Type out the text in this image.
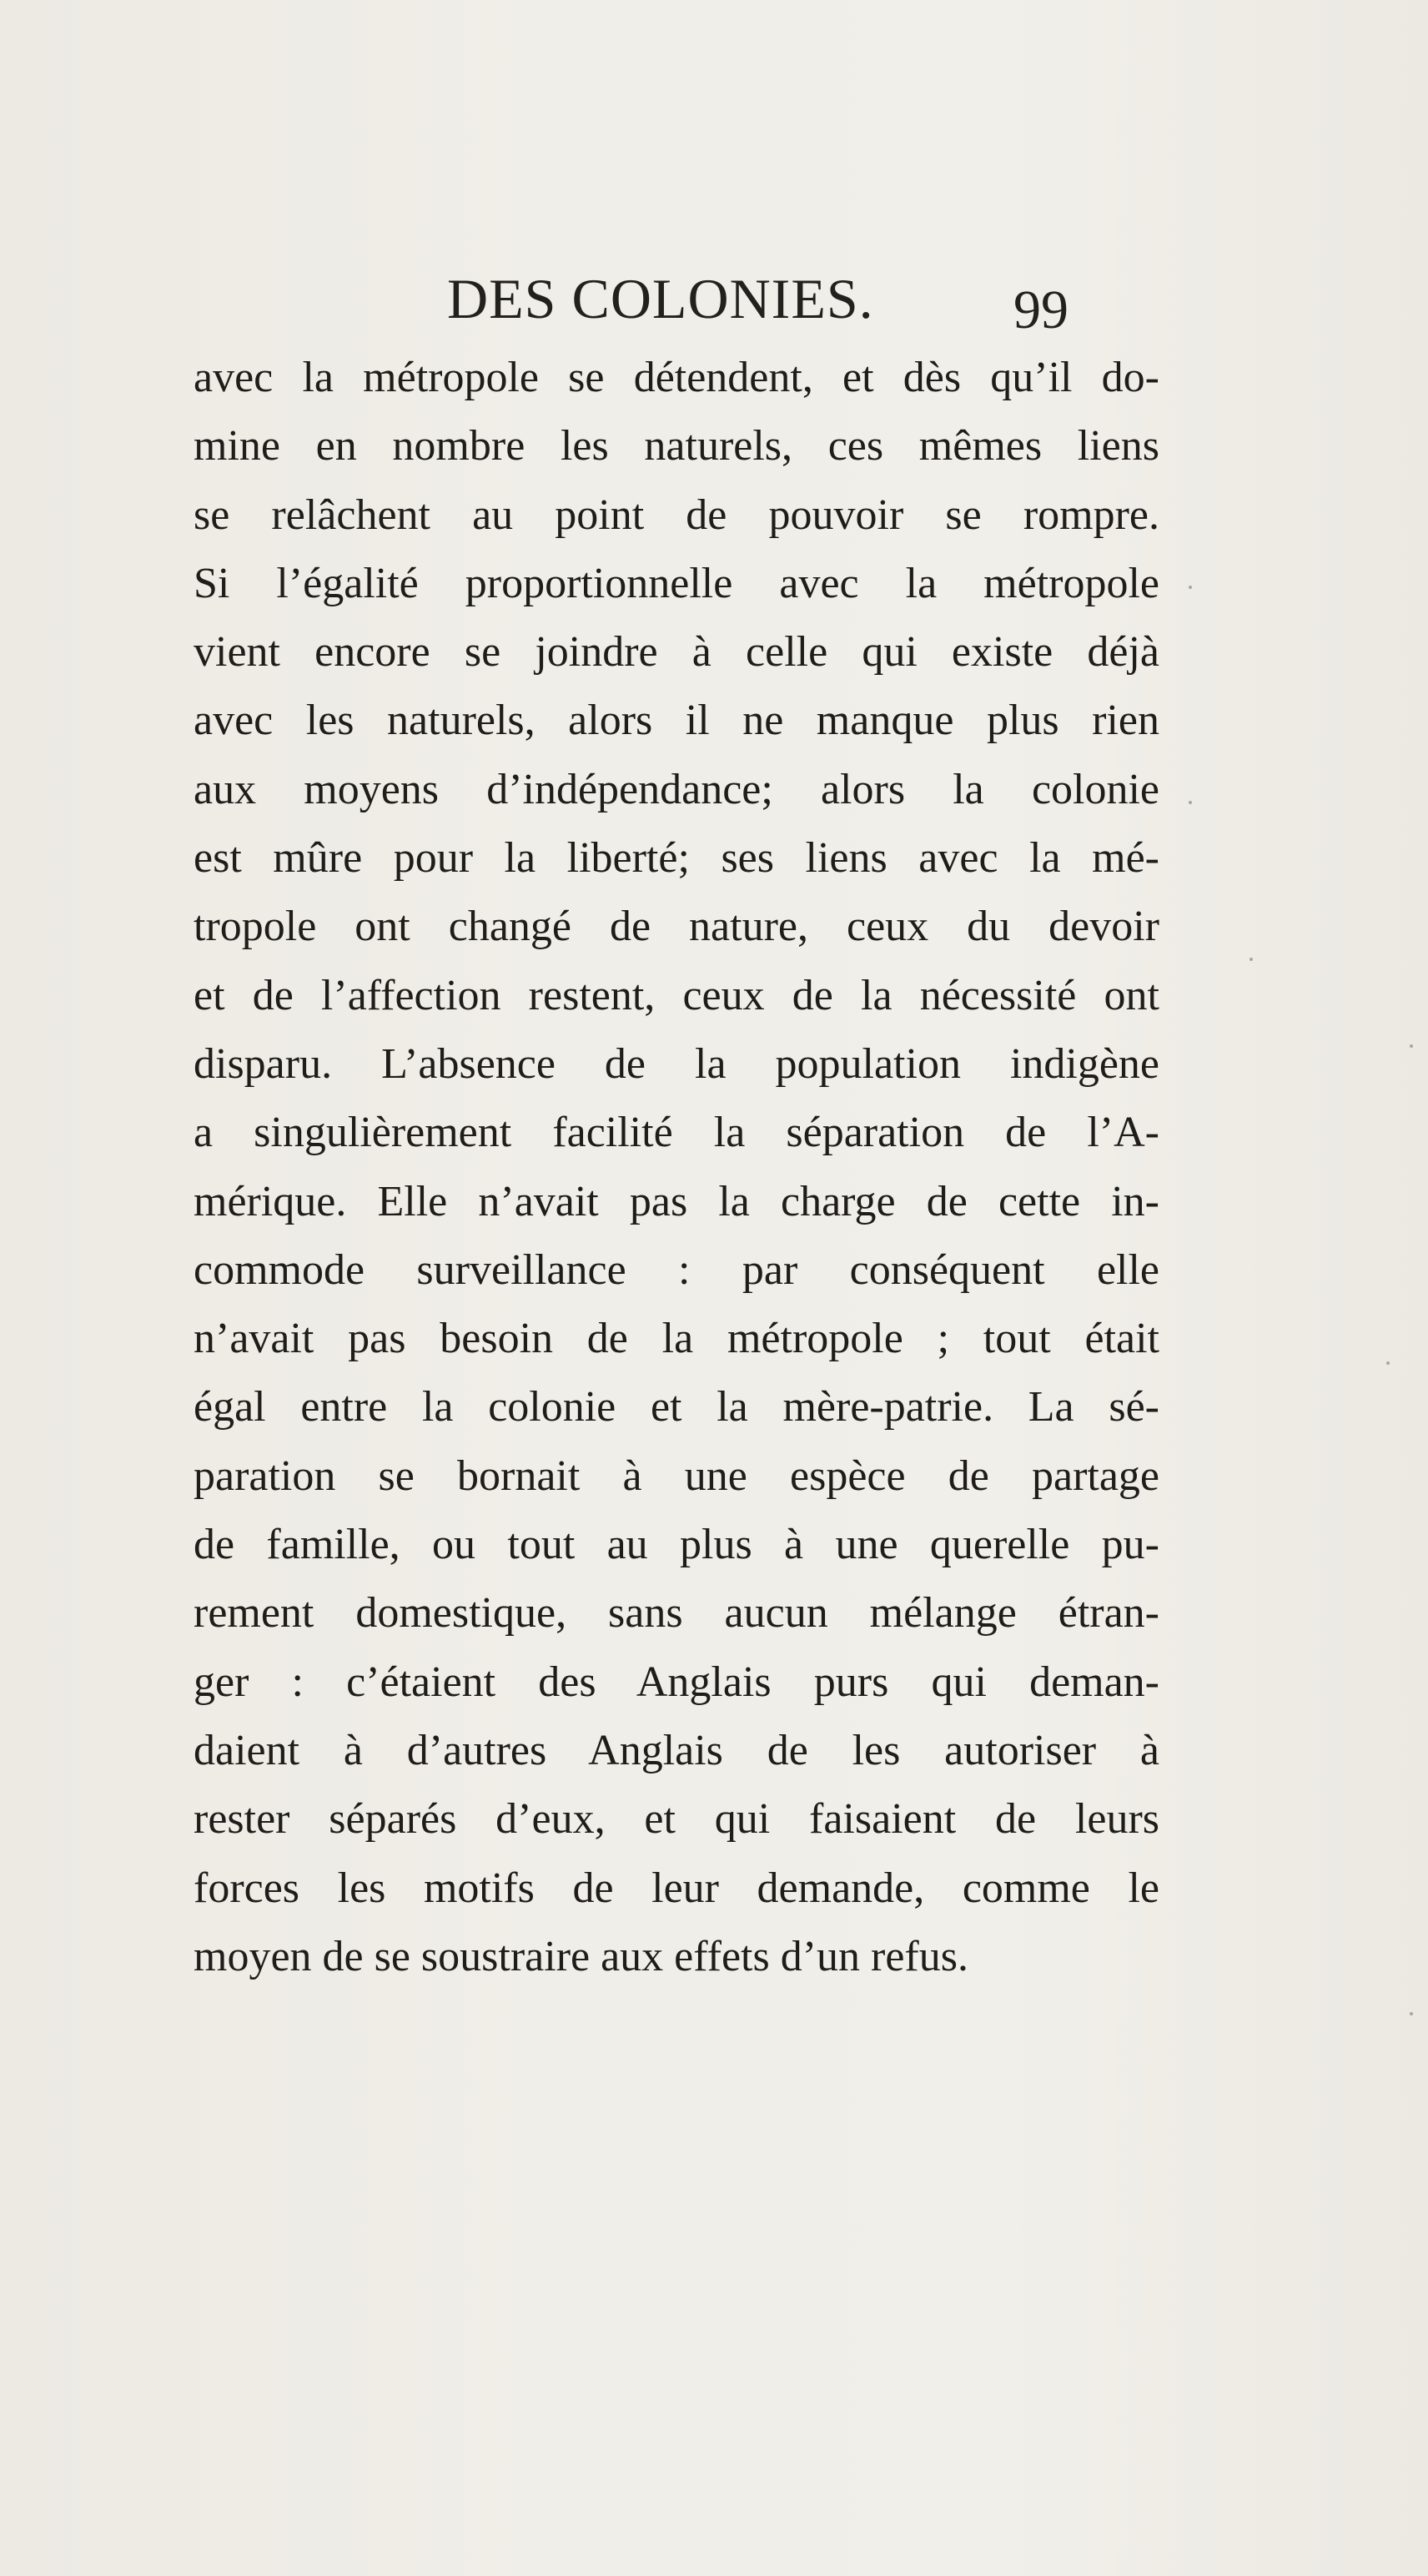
DES COLONIES.	99
avec la métropole se détendent, et dès qu’il do-
mine en nombre les naturels, ces mêmes liens
se relâchent au point de pouvoir se rompre.
Si l’égalité proportionnelle avec la métropole
vient encore se joindre à celle qui existe déjà
avec les naturels, alors il ne manque plus rien
aux moyens d’indépendance; alors la colonie
est mûre pour la liberté; ses liens avec la mé-
tropole ont changé de nature, ceux du devoir
et de l’affection restent, ceux de la nécessité ont
disparu. L’absence de la population indigène
a singulièrement facilité la séparation de l’A-
mérique. Elle n’avait pas la charge de cette in-
commode surveillance : par conséquent elle
n’avait pas besoin de la métropole ; tout était
égal entre la colonie et la mère-patrie. La sé-
paration se bornait à une espèce de partage
de famille, ou tout au plus à une querelle pu-
rement domestique, sans aucun mélange étran-
ger : c’étaient des Anglais purs qui deman-
daient à d’autres Anglais de les autoriser à
rester séparés d’eux, et qui faisaient de leurs
forces les motifs de leur demande, comme le
moyen de se soustraire aux effets d’un refus.
